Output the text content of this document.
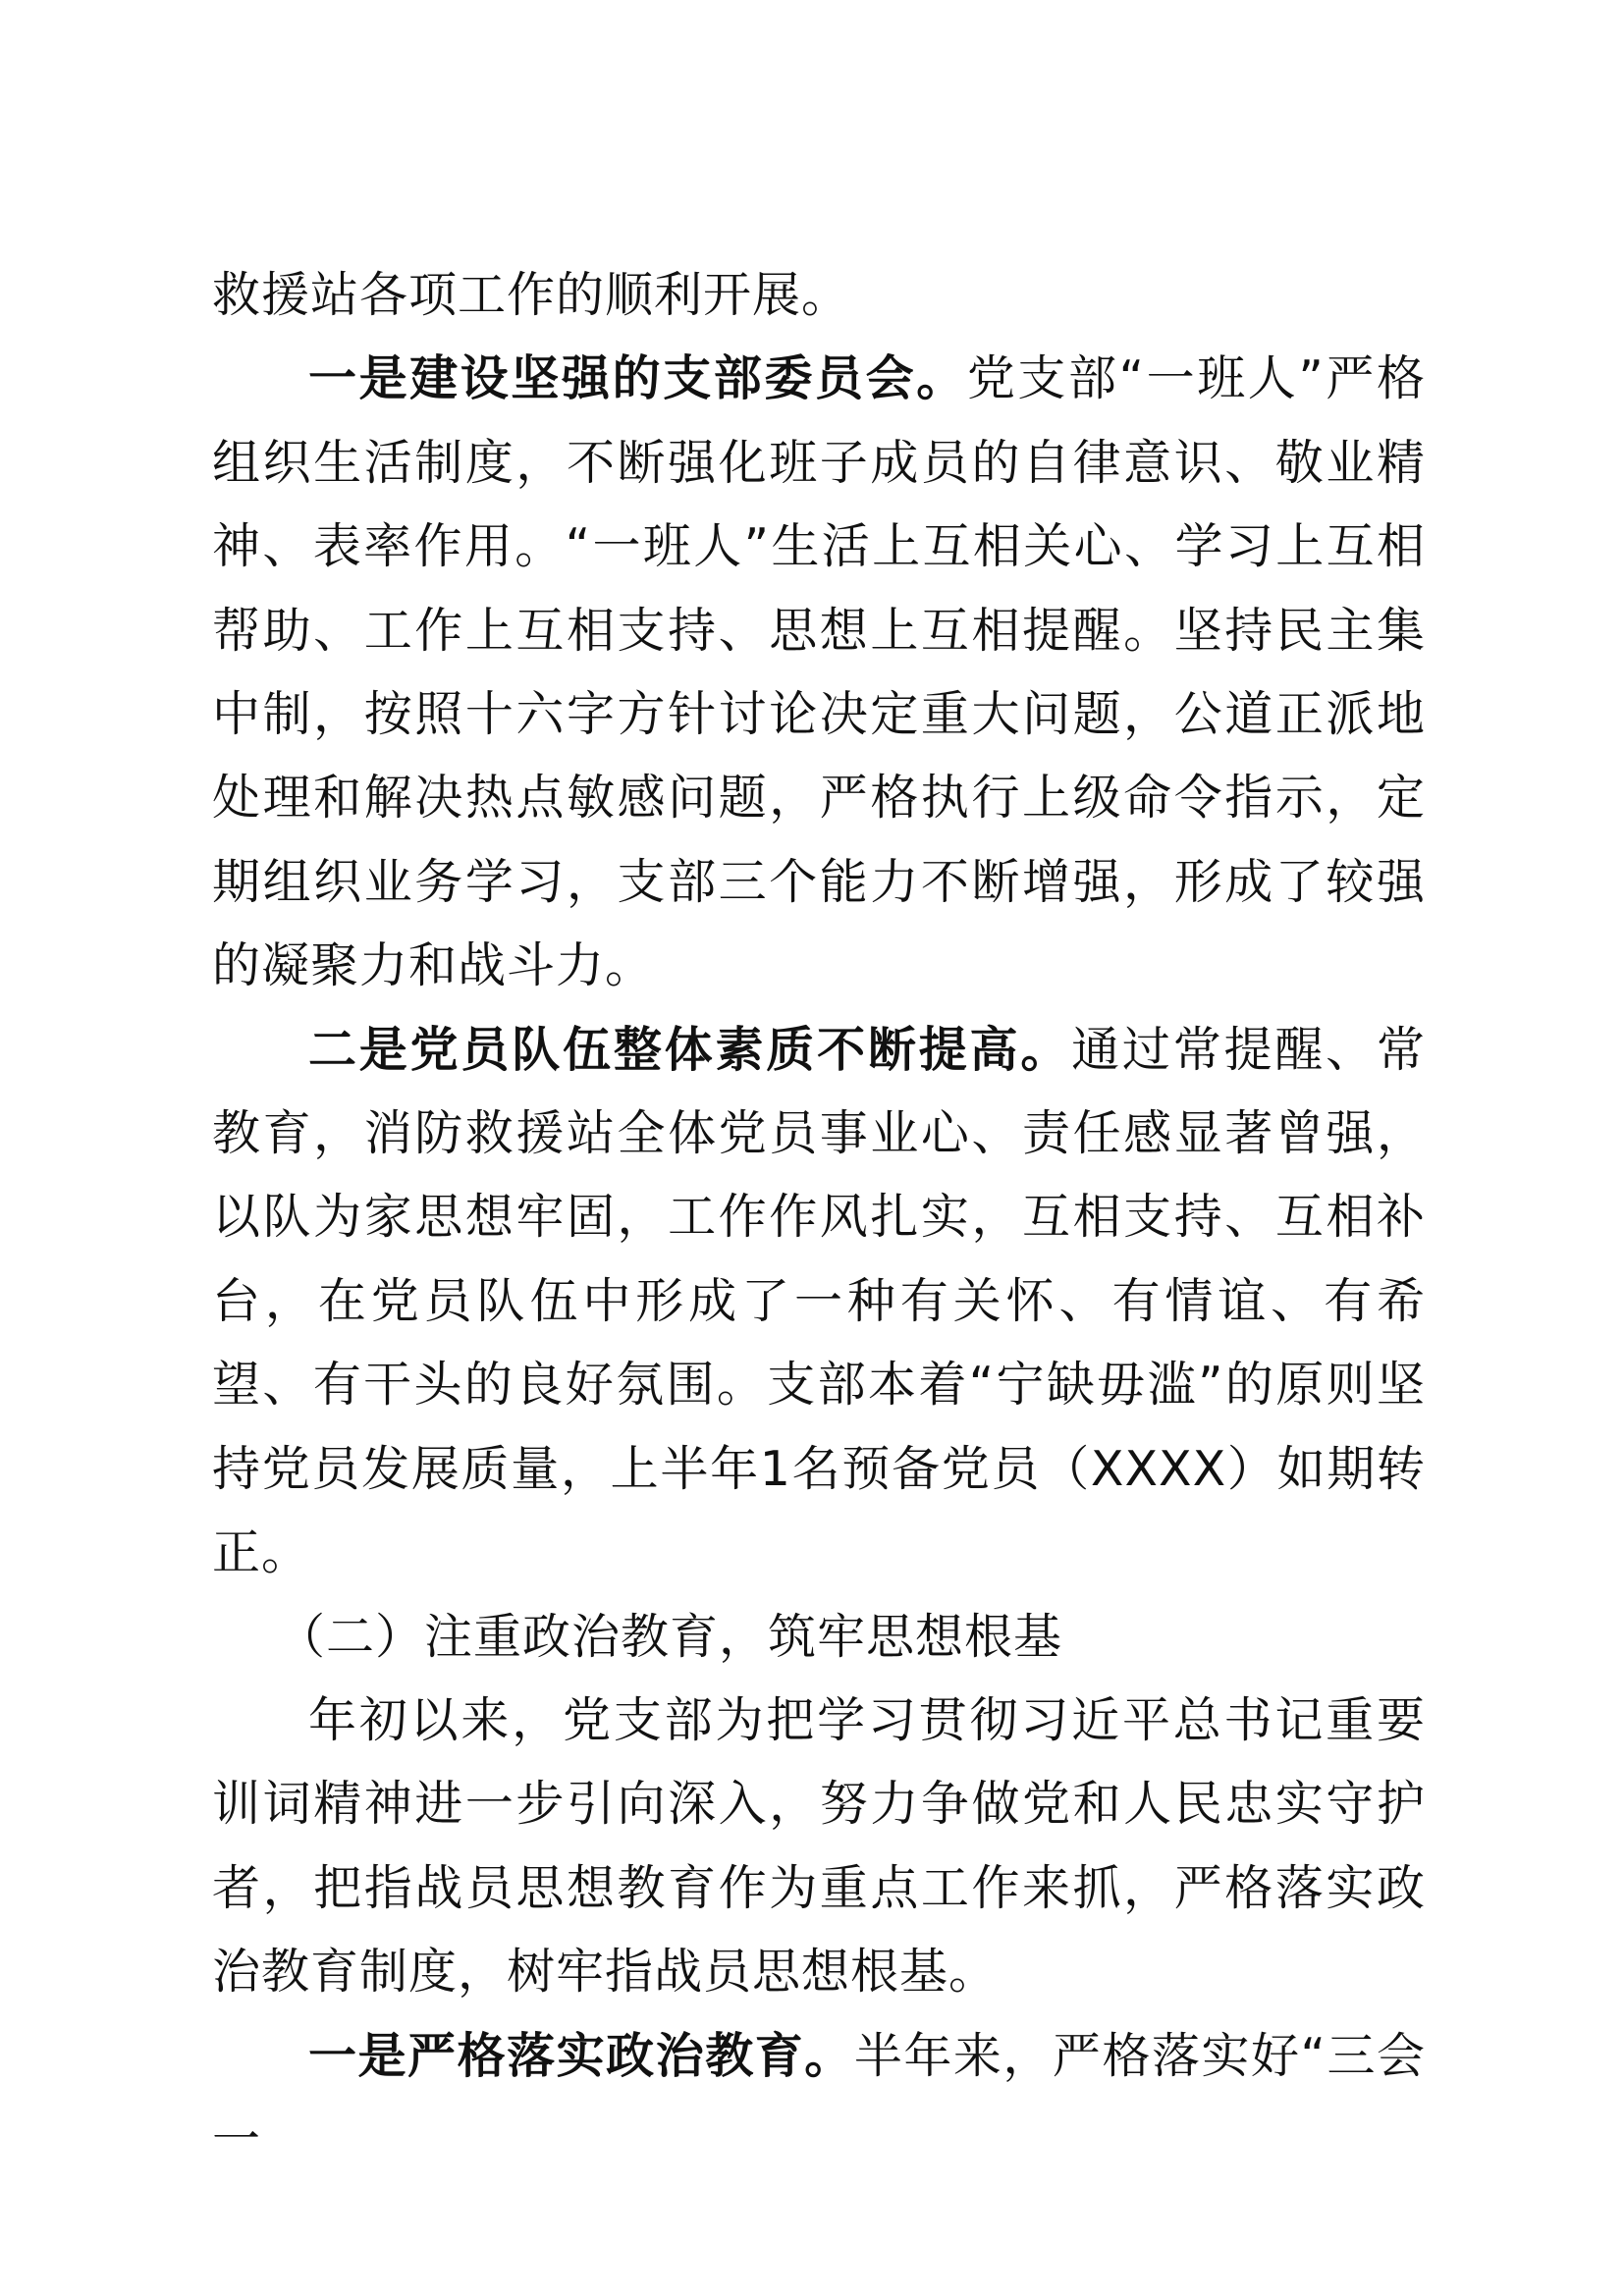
救援站各项工作的顺利开展。

一是建设坚强的支部委员会。党支部“一班人”严格组织生活制度，不断强化班子成员的自律意识、敬业精神、表率作用。“一班人”生活上互相关心、学习上互相帮助、工作上互相支持、思想上互相提醒。坚持民主集中制，按照十六字方针讨论决定重大问题，公道正派地处理和解决热点敏感问题，严格执行上级命令指示，定期组织业务学习，支部三个能力不断增强，形成了较强的凝聚力和战斗力。

二是党员队伍整体素质不断提高。通过常提醒、常教育，消防救援站全体党员事业心、责任感显著曾强，以队为家思想牢固，工作作风扎实，互相支持、互相补台，在党员队伍中形成了一种有关怀、有情谊、有希望、有干头的良好氛围。支部本着“宁缺毋滥”的原则坚持党员发展质量，上半年1名预备党员（XXXX）如期转正。

（二）注重政治教育，筑牢思想根基

年初以来，党支部为把学习贯彻习近平总书记重要训词精神进一步引向深入，努力争做党和人民忠实守护者，把指战员思想教育作为重点工作来抓，严格落实政治教育制度，树牢指战员思想根基。

一是严格落实政治教育。半年来，严格落实好“三会一
